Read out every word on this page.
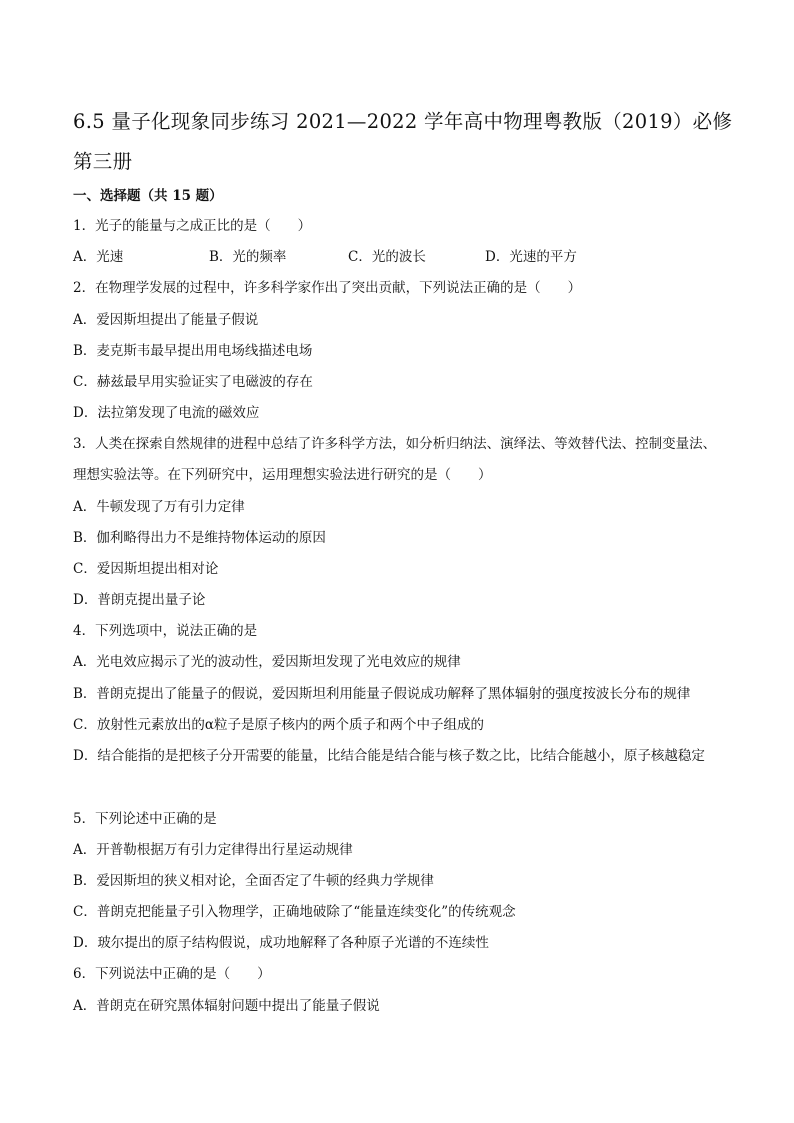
6.5 量子化现象同步练习 2021—2022 学年高中物理粤教版（2019）必修第三册
一、选择题（共 15 题）
1．光子的能量与之成正比的是（　　）
A．光速	B．光的频率	C．光的波长	D．光速的平方
2．在物理学发展的过程中，许多科学家作出了突出贡献，下列说法正确的是（　　）
A．爱因斯坦提出了能量子假说
B．麦克斯韦最早提出用电场线描述电场
C．赫兹最早用实验证实了电磁波的存在
D．法拉第发现了电流的磁效应
3．人类在探索自然规律的进程中总结了许多科学方法，如分析归纳法、演绎法、等效替代法、控制变量法、理想实验法等。在下列研究中，运用理想实验法进行研究的是（　　）
A．牛顿发现了万有引力定律
B．伽利略得出力不是维持物体运动的原因
C．爱因斯坦提出相对论
D．普朗克提出量子论
4．下列选项中，说法正确的是
A．光电效应揭示了光的波动性，爱因斯坦发现了光电效应的规律
B．普朗克提出了能量子的假说，爱因斯坦利用能量子假说成功解释了黑体辐射的强度按波长分布的规律
C．放射性元素放出的α粒子是原子核内的两个质子和两个中子组成的
D．结合能指的是把核子分开需要的能量，比结合能是结合能与核子数之比，比结合能越小，原子核越稳定
5．下列论述中正确的是
A．开普勒根据万有引力定律得出行星运动规律
B．爱因斯坦的狭义相对论，全面否定了牛顿的经典力学规律
C．普朗克把能量子引入物理学，正确地破除了“能量连续变化”的传统观念
D．玻尔提出的原子结构假说，成功地解释了各种原子光谱的不连续性
6．下列说法中正确的是（　　）
A．普朗克在研究黑体辐射问题中提出了能量子假说
